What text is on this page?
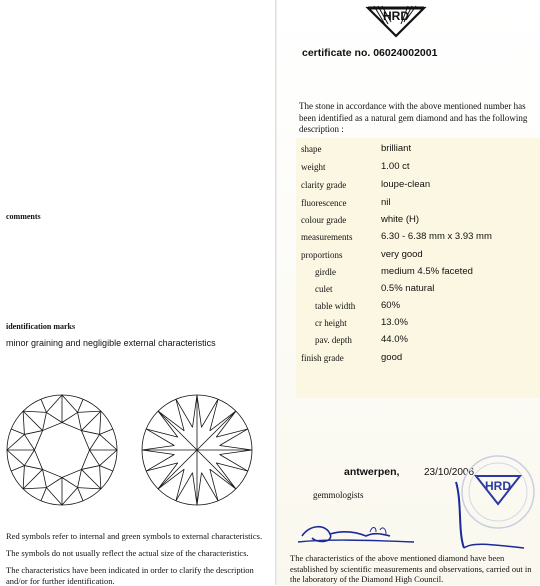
HRD
certificate no. 06024002001
The stone in accordance with the above mentioned number has been identified as a natural gem diamond and has the following description :
shape	brilliant
weight	1.00 ct
clarity grade	loupe-clean
fluorescence	nil
colour grade	white (H)
measurements	6.30 - 6.38 mm x 3.93 mm
proportions	very good
girdle	medium 4.5% faceted
culet	0.5% natural
table width	60%
cr height	13.0%
pav. depth	44.0%
finish grade	good
comments
identification marks
minor graining and negligible external characteristics
Red symbols refer to internal and green symbols to external characteristics.
The symbols do not usually reflect the actual size of the characteristics.
The characteristics have been indicated in order to clarify the description and/or for further identification.
antwerpen, 23/10/2006
gemmologists
HRD
The characteristics of the above mentioned diamond have been established by scientific measurements and observations, carried out in the laboratory of the Diamond High Council.
